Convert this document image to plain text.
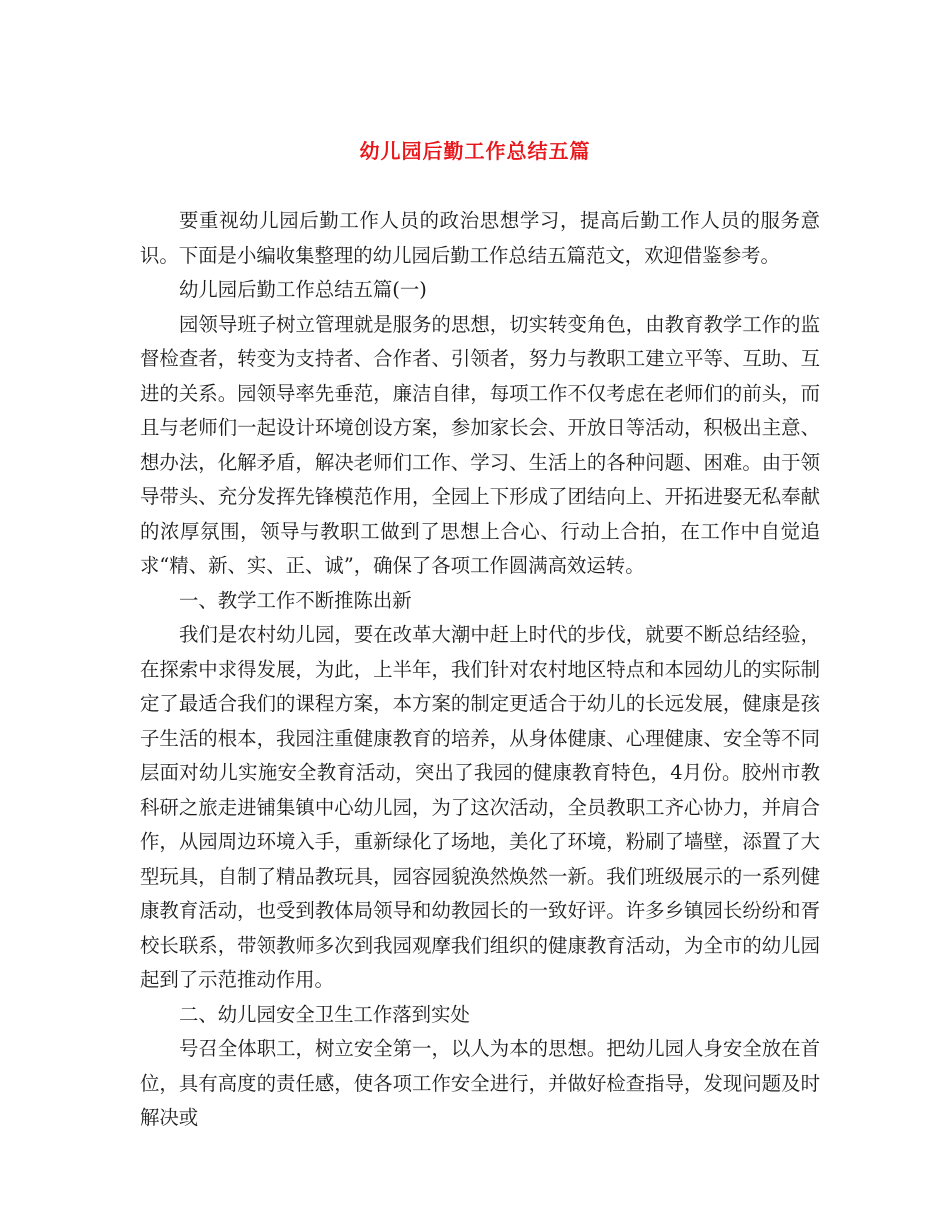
幼儿园后勤工作总结五篇

要重视幼儿园后勤工作人员的政治思想学习，提高后勤工作人员的服务意识。下面是小编收集整理的幼儿园后勤工作总结五篇范文，欢迎借鉴参考。

幼儿园后勤工作总结五篇(一)

园领导班子树立管理就是服务的思想，切实转变角色，由教育教学工作的监督检查者，转变为支持者、合作者、引领者，努力与教职工建立平等、互助、互进的关系。园领导率先垂范，廉洁自律，每项工作不仅考虑在老师们的前头，而且与老师们一起设计环境创设方案，参加家长会、开放日等活动，积极出主意、想办法，化解矛盾，解决老师们工作、学习、生活上的各种问题、困难。由于领导带头、充分发挥先锋模范作用，全园上下形成了团结向上、开拓进娶无私奉献的浓厚氛围，领导与教职工做到了思想上合心、行动上合拍，在工作中自觉追求“精、新、实、正、诚”，确保了各项工作圆满高效运转。

一、教学工作不断推陈出新

我们是农村幼儿园，要在改革大潮中赶上时代的步伐，就要不断总结经验，在探索中求得发展，为此，上半年，我们针对农村地区特点和本园幼儿的实际制定了最适合我们的课程方案，本方案的制定更适合于幼儿的长远发展，健康是孩子生活的根本，我园注重健康教育的培养，从身体健康、心理健康、安全等不同层面对幼儿实施安全教育活动，突出了我园的健康教育特色，4月份。胶州市教科研之旅走进铺集镇中心幼儿园，为了这次活动，全员教职工齐心协力，并肩合作，从园周边环境入手，重新绿化了场地，美化了环境，粉刷了墙壁，添置了大型玩具，自制了精品教玩具，园容园貌涣然焕然一新。我们班级展示的一系列健康教育活动，也受到教体局领导和幼教园长的一致好评。许多乡镇园长纷纷和胥校长联系，带领教师多次到我园观摩我们组织的健康教育活动，为全市的幼儿园起到了示范推动作用。

二、幼儿园安全卫生工作落到实处

号召全体职工，树立安全第一，以人为本的思想。把幼儿园人身安全放在首位，具有高度的责任感，使各项工作安全进行，并做好检查指导，发现问题及时解决或
